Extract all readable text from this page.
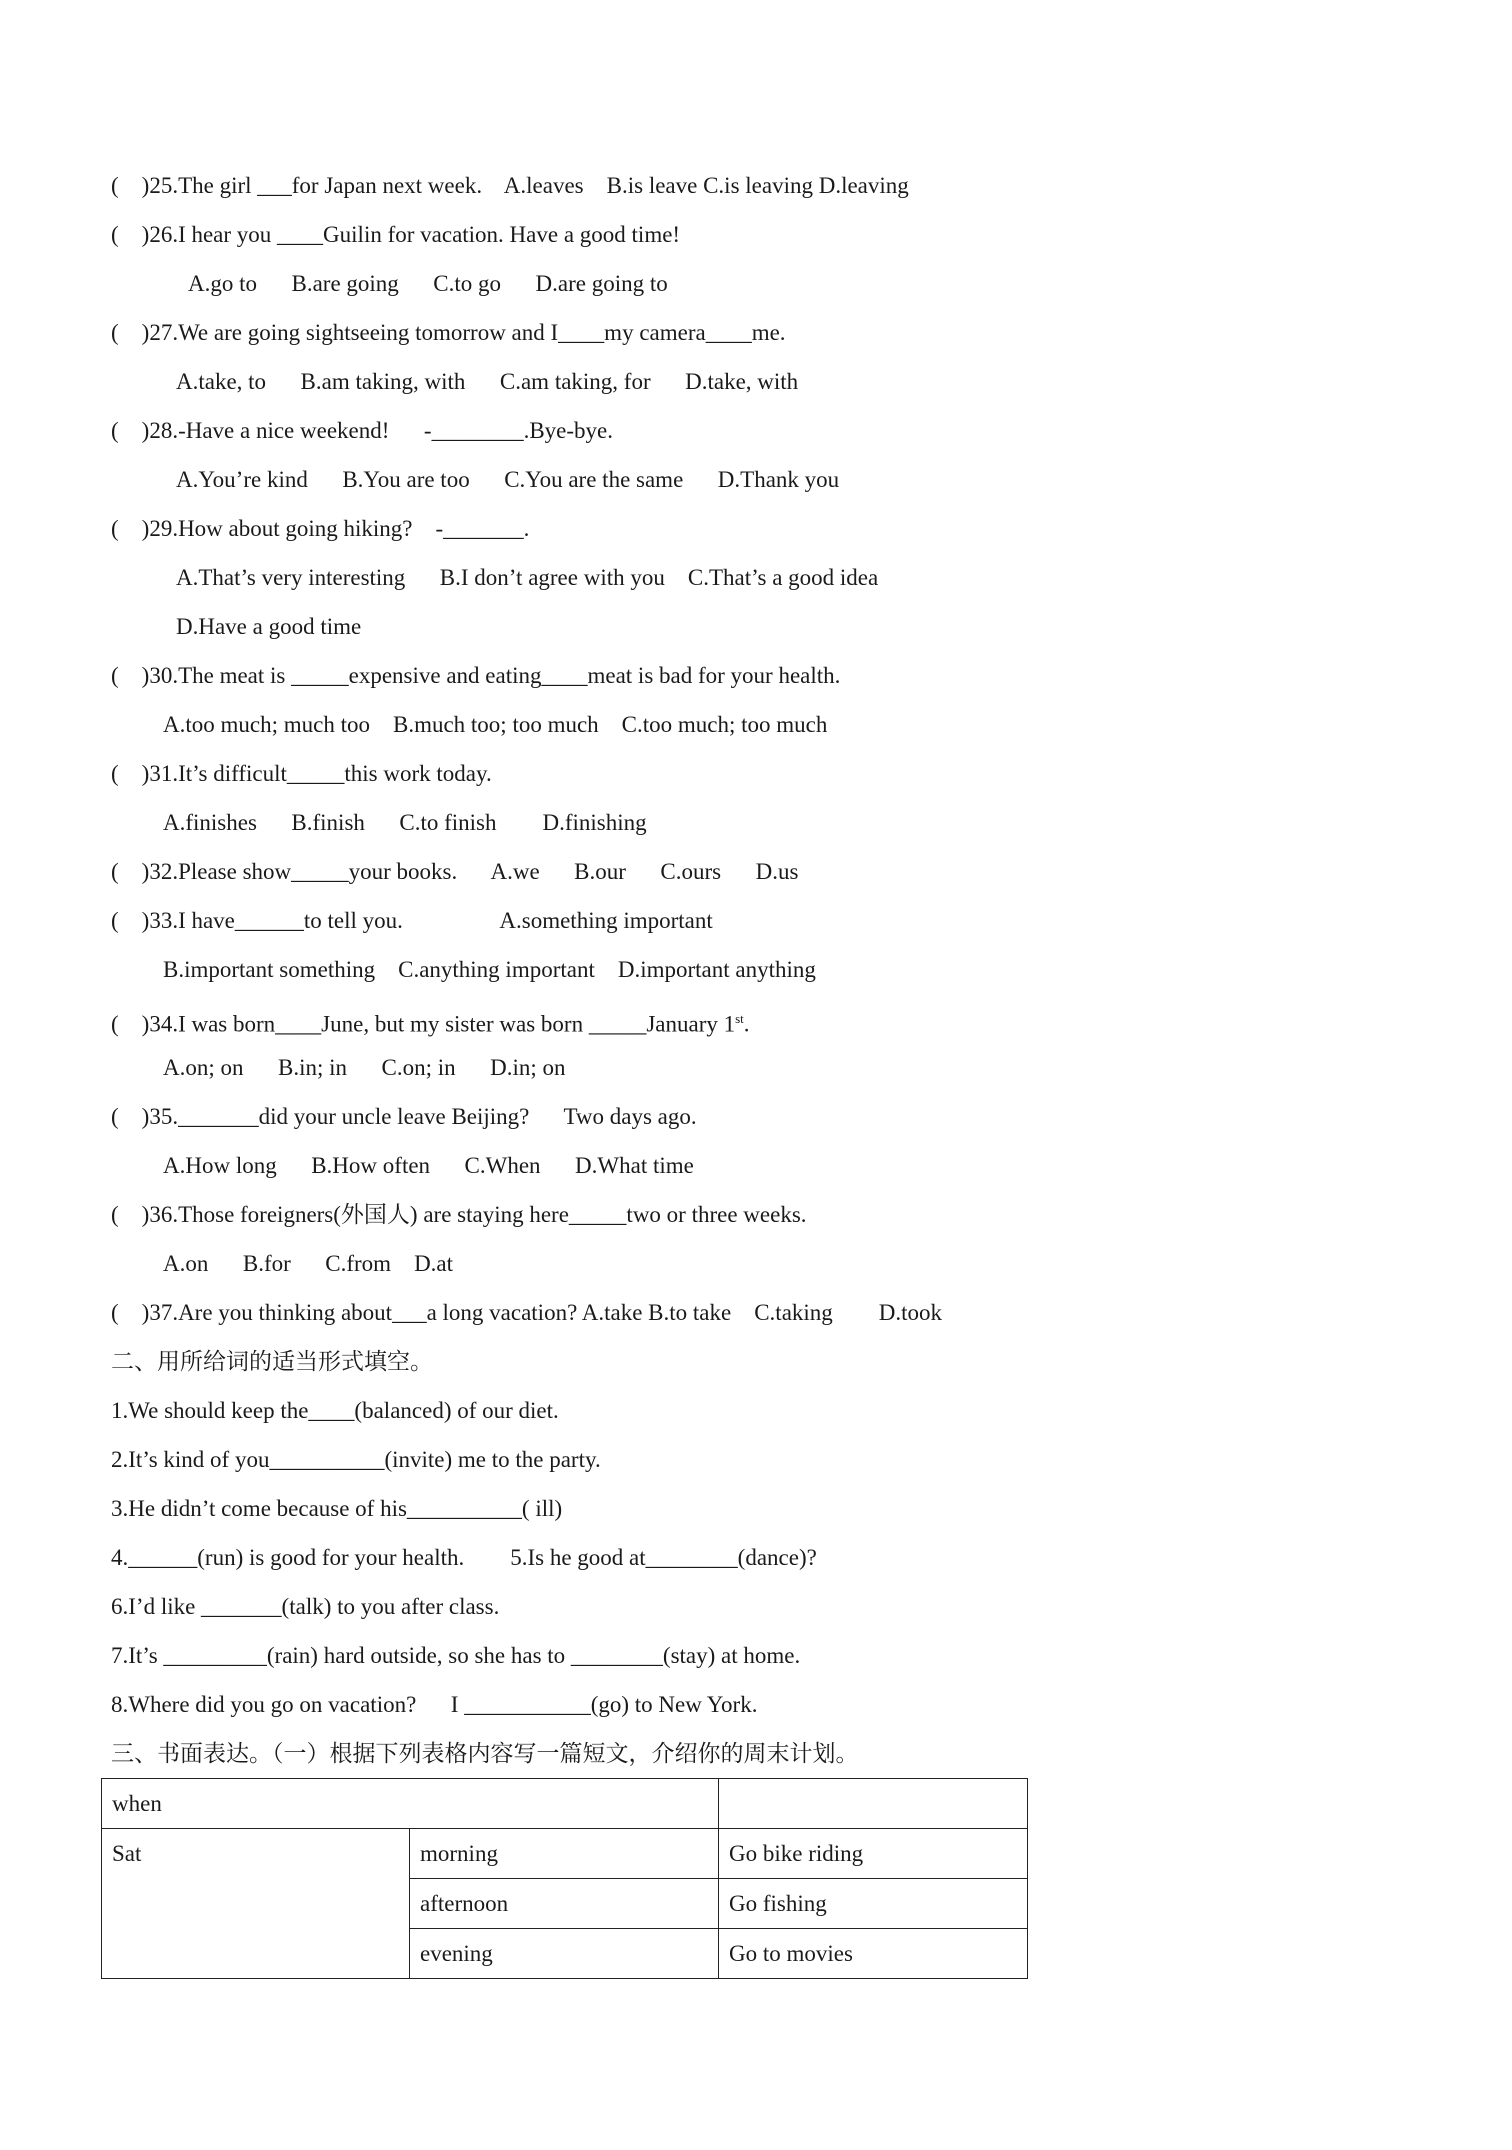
(    )25.The girl ___for Japan next week.    A.leaves    B.is leave C.is leaving D.leaving

(    )26.I hear you ____Guilin for vacation. Have a good time!

A.go to      B.are going      C.to go      D.are going to

(    )27.We are going sightseeing tomorrow and I____my camera____me.

A.take, to      B.am taking, with      C.am taking, for      D.take, with

(    )28.-Have a nice weekend!      -________.Bye-bye.

A.You’re kind      B.You are too      C.You are the same      D.Thank you

(    )29.How about going hiking?    -_______.

A.That’s very interesting      B.I don’t agree with you    C.That’s a good idea

D.Have a good time

(    )30.The meat is _____expensive and eating____meat is bad for your health.

A.too much; much too    B.much too; too much    C.too much; too much

(    )31.It’s difficult_____this work today.

A.finishes      B.finish      C.to finish        D.finishing

(    )32.Please show_____your books.      A.we      B.our      C.ours      D.us

(    )33.I have______to tell you.                 A.something important

B.important something    C.anything important    D.important anything

(    )34.I was born____June, but my sister was born _____January 1st.

A.on; on      B.in; in      C.on; in      D.in; on

(    )35._______did your uncle leave Beijing?      Two days ago.

A.How long      B.How often      C.When      D.What time

(    )36.Those foreigners(外国人) are staying here_____two or three weeks.

A.on      B.for      C.from    D.at

(    )37.Are you thinking about___a long vacation? A.take B.to take    C.taking        D.took

二、用所给词的适当形式填空。

1.We should keep the____(balanced) of our diet.

2.It’s kind of you__________(invite) me to the party.

3.He didn’t come because of his__________( ill)

4.______(run) is good for your health.        5.Is he good at________(dance)?

6.I’d like _______(talk) to you after class.

7.It’s _________(rain) hard outside, so she has to ________(stay) at home.

8.Where did you go on vacation?      I ___________(go) to New York.

三、书面表达。（一）根据下列表格内容写一篇短文，介绍你的周末计划。

when		
Sat	morning	Go bike riding
	afternoon	Go fishing
	evening	Go to movies
